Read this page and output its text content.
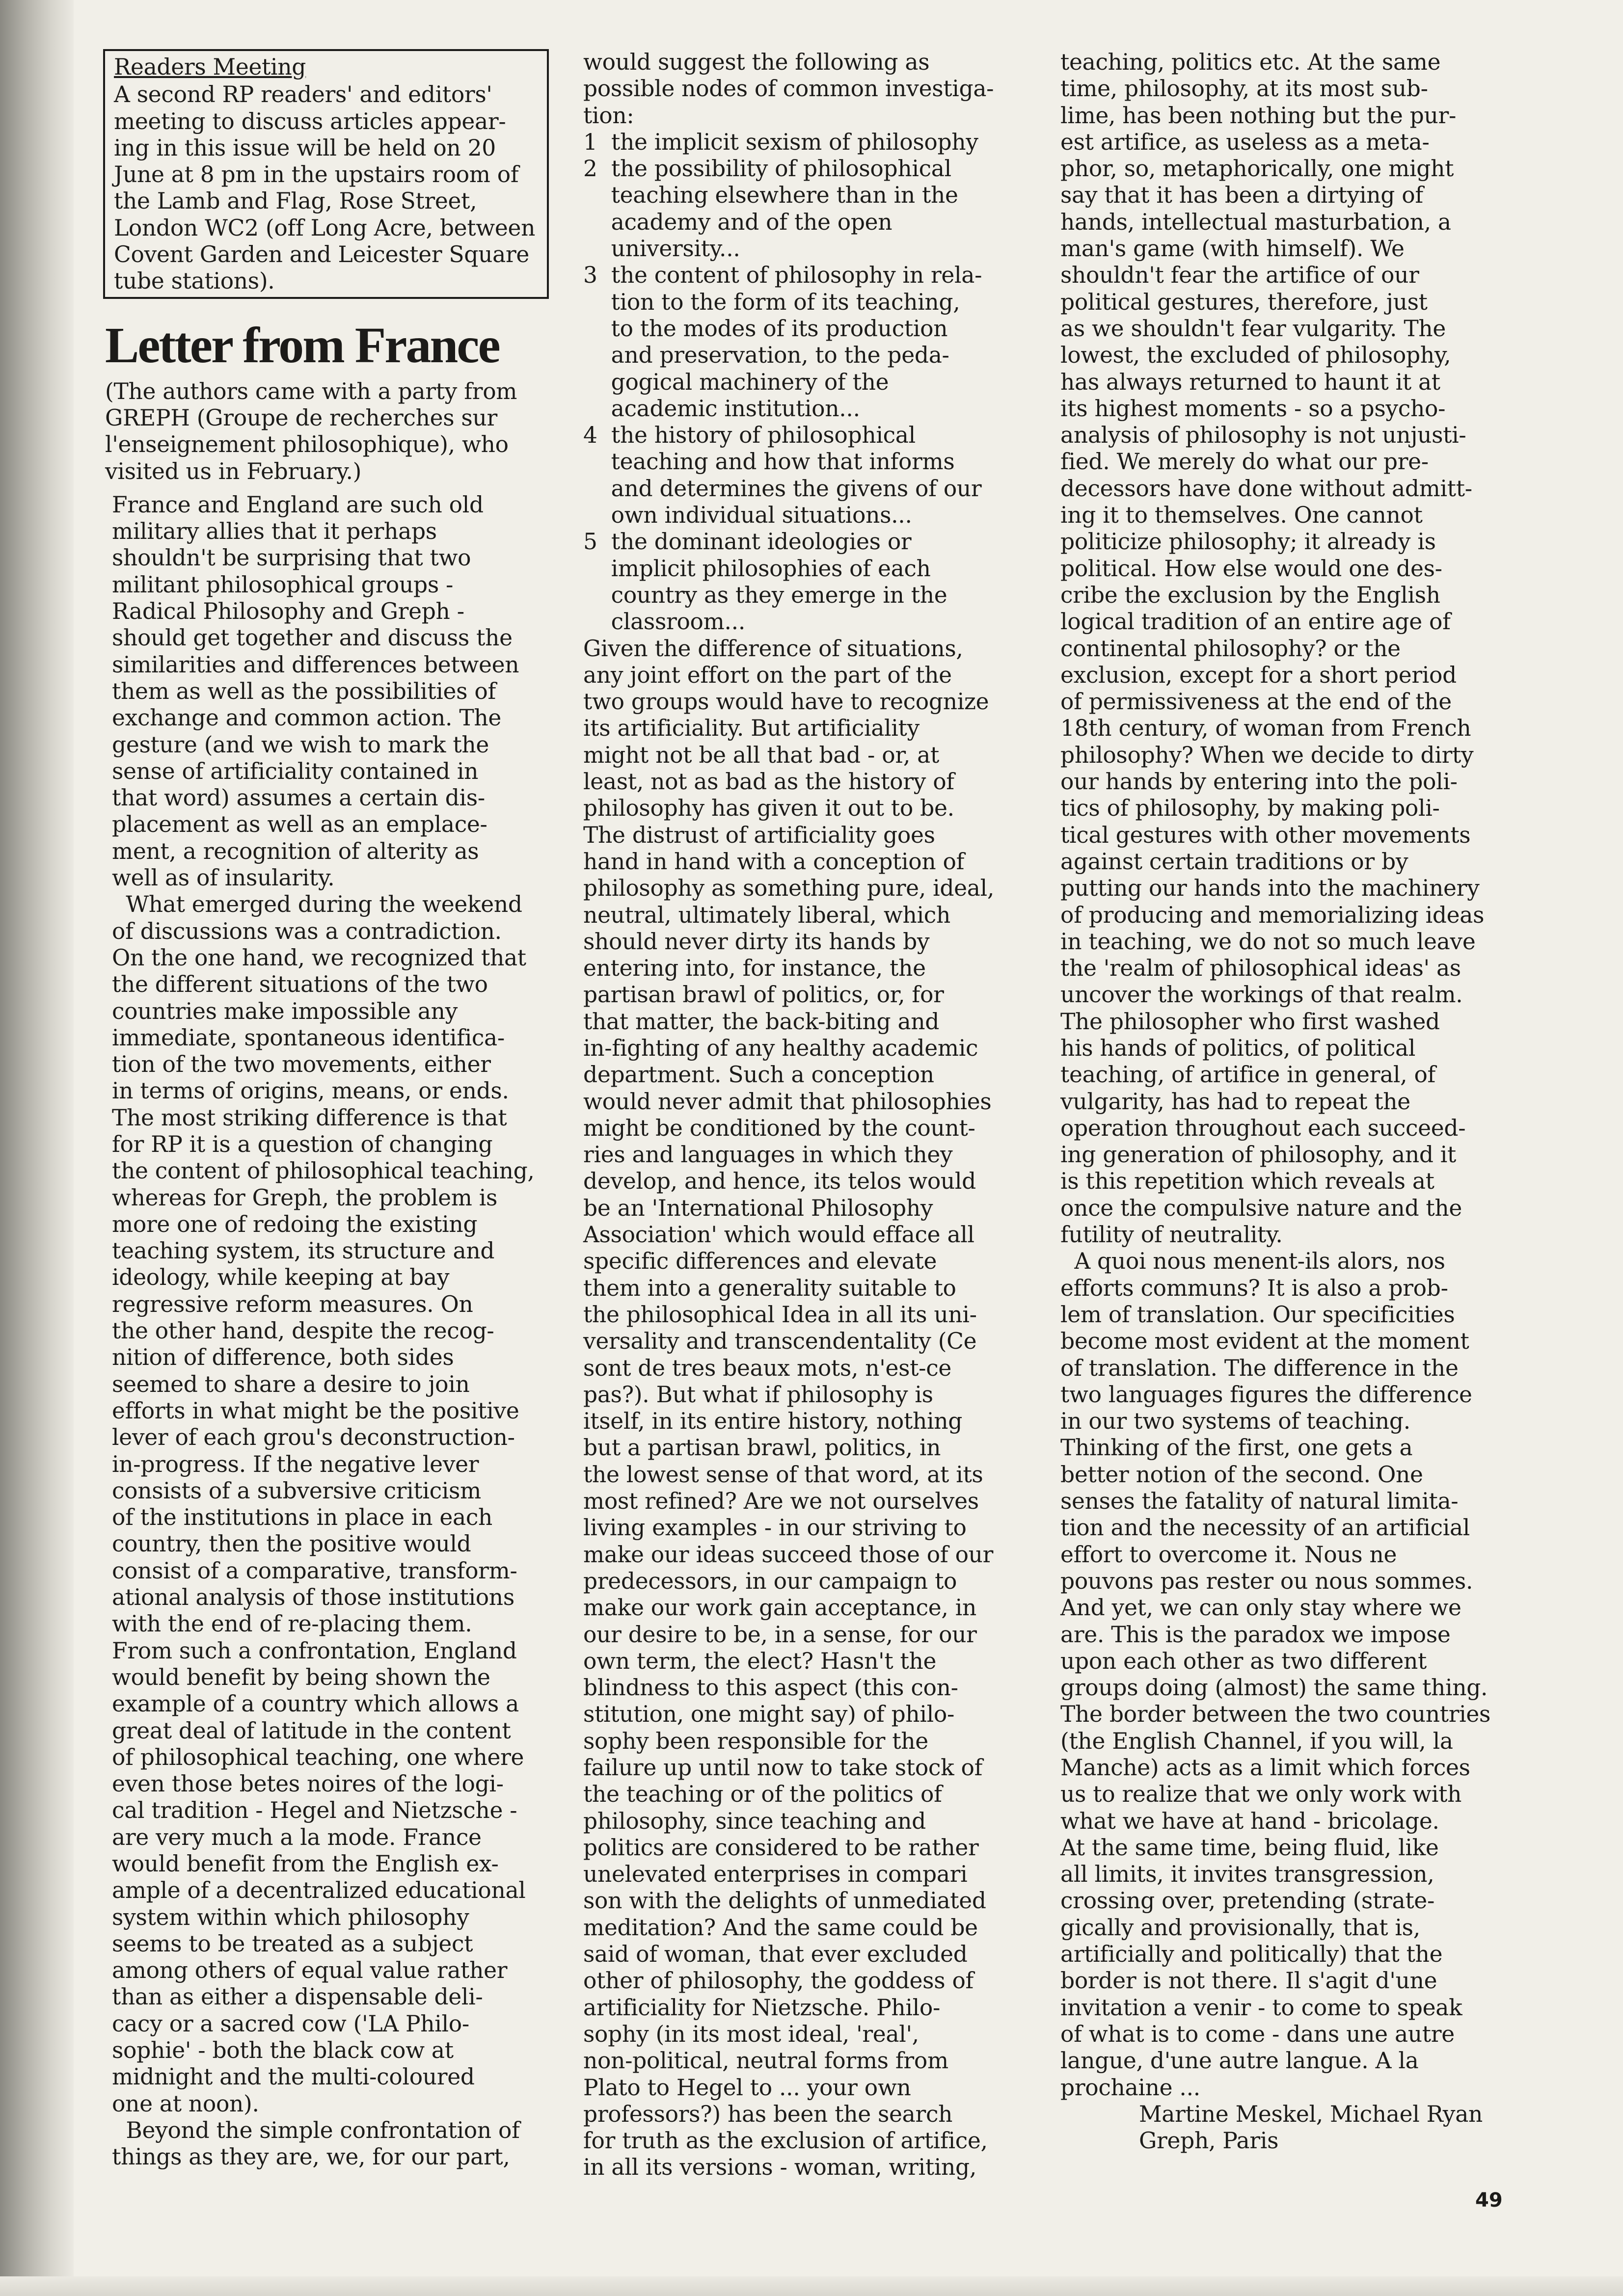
Readers Meeting

A second RP readers' and editors'

meeting to discuss articles appear-

ing in this issue will be held on 20

June at 8 pm in the upstairs room of

the Lamb and Flag, Rose Street,

London WC2 (off Long Acre, between

Covent Garden and Leicester Square

tube stations).

Letter from France

(The authors came with a party from

GREPH (Groupe de recherches sur

l'enseignement philosophique), who

visited us in February.)

France and England are such old

military allies that it perhaps

shouldn't be surprising that two

militant philosophical groups -

Radical Philosophy and Greph -

should get together and discuss the

similarities and differences between

them as well as the possibilities of

exchange and common action. The

gesture (and we wish to mark the

sense of artificiality contained in

that word) assumes a certain dis-

placement as well as an emplace-

ment, a recognition of alterity as

well as of insularity.

What emerged during the weekend

of discussions was a contradiction.

On the one hand, we recognized that

the different situations of the two

countries make impossible any

immediate, spontaneous identifica-

tion of the two movements, either

in terms of origins, means, or ends.

The most striking difference is that

for RP it is a question of changing

the content of philosophical teaching,

whereas for Greph, the problem is

more one of redoing the existing

teaching system, its structure and

ideology, while keeping at bay

regressive reform measures. On

the other hand, despite the recog-

nition of difference, both sides

seemed to share a desire to join

efforts in what might be the positive

lever of each grou's deconstruction-

in-progress. If the negative lever

consists of a subversive criticism

of the institutions in place in each

country, then the positive would

consist of a comparative, transform-

ational analysis of those institutions

with the end of re-placing them.

From such a confrontation, England

would benefit by being shown the

example of a country which allows a

great deal of latitude in the content

of philosophical teaching, one where

even those betes noires of the logi-

cal tradition - Hegel and Nietzsche -

are very much a la mode. France

would benefit from the English ex-

ample of a decentralized educational

system within which philosophy

seems to be treated as a subject

among others of equal value rather

than as either a dispensable deli-

cacy or a sacred cow ('LA Philo-

sophie' - both the black cow at

midnight and the multi-coloured

one at noon).

Beyond the simple confrontation of

things as they are, we, for our part,

would suggest the following as

possible nodes of common investiga-

tion:

1  the implicit sexism of philosophy

2  the possibility of philosophical

teaching elsewhere than in the

academy and of the open

university...

3  the content of philosophy in rela-

tion to the form of its teaching,

to the modes of its production

and preservation, to the peda-

gogical machinery of the

academic institution...

4  the history of philosophical

teaching and how that informs

and determines the givens of our

own individual situations...

5  the dominant ideologies or

implicit philosophies of each

country as they emerge in the

classroom...

Given the difference of situations,

any joint effort on the part of the

two groups would have to recognize

its artificiality. But artificiality

might not be all that bad - or, at

least, not as bad as the history of

philosophy has given it out to be.

The distrust of artificiality goes

hand in hand with a conception of

philosophy as something pure, ideal,

neutral, ultimately liberal, which

should never dirty its hands by

entering into, for instance, the

partisan brawl of politics, or, for

that matter, the back-biting and

in-fighting of any healthy academic

department. Such a conception

would never admit that philosophies

might be conditioned by the count-

ries and languages in which they

develop, and hence, its telos would

be an 'International Philosophy

Association' which would efface all

specific differences and elevate

them into a generality suitable to

the philosophical Idea in all its uni-

versality and transcendentality (Ce

sont de tres beaux mots, n'est-ce

pas?). But what if philosophy is

itself, in its entire history, nothing

but a partisan brawl, politics, in

the lowest sense of that word, at its

most refined? Are we not ourselves

living examples - in our striving to

make our ideas succeed those of our

predecessors, in our campaign to

make our work gain acceptance, in

our desire to be, in a sense, for our

own term, the elect? Hasn't the

blindness to this aspect (this con-

stitution, one might say) of philo-

sophy been responsible for the

failure up until now to take stock of

the teaching or of the politics of

philosophy, since teaching and

politics are considered to be rather

unelevated enterprises in compari

son with the delights of unmediated

meditation? And the same could be

said of woman, that ever excluded

other of philosophy, the goddess of

artificiality for Nietzsche. Philo-

sophy (in its most ideal, 'real',

non-political, neutral forms from

Plato to Hegel to ... your own

professors?) has been the search

for truth as the exclusion of artifice,

in all its versions - woman, writing,

teaching, politics etc. At the same

time, philosophy, at its most sub-

lime, has been nothing but the pur-

est artifice, as useless as a meta-

phor, so, metaphorically, one might

say that it has been a dirtying of

hands, intellectual masturbation, a

man's game (with himself). We

shouldn't fear the artifice of our

political gestures, therefore, just

as we shouldn't fear vulgarity. The

lowest, the excluded of philosophy,

has always returned to haunt it at

its highest moments - so a psycho-

analysis of philosophy is not unjusti-

fied. We merely do what our pre-

decessors have done without admitt-

ing it to themselves. One cannot

politicize philosophy; it already is

political. How else would one des-

cribe the exclusion by the English

logical tradition of an entire age of

continental philosophy? or the

exclusion, except for a short period

of permissiveness at the end of the

18th century, of woman from French

philosophy? When we decide to dirty

our hands by entering into the poli-

tics of philosophy, by making poli-

tical gestures with other movements

against certain traditions or by

putting our hands into the machinery

of producing and memorializing ideas

in teaching, we do not so much leave

the 'realm of philosophical ideas' as

uncover the workings of that realm.

The philosopher who first washed

his hands of politics, of political

teaching, of artifice in general, of

vulgarity, has had to repeat the

operation throughout each succeed-

ing generation of philosophy, and it

is this repetition which reveals at

once the compulsive nature and the

futility of neutrality.

A quoi nous menent-ils alors, nos

efforts communs? It is also a prob-

lem of translation. Our specificities

become most evident at the moment

of translation. The difference in the

two languages figures the difference

in our two systems of teaching.

Thinking of the first, one gets a

better notion of the second. One

senses the fatality of natural limita-

tion and the necessity of an artificial

effort to overcome it. Nous ne

pouvons pas rester ou nous sommes.

And yet, we can only stay where we

are. This is the paradox we impose

upon each other as two different

groups doing (almost) the same thing.

The border between the two countries

(the English Channel, if you will, la

Manche) acts as a limit which forces

us to realize that we only work with

what we have at hand - bricolage.

At the same time, being fluid, like

all limits, it invites transgression,

crossing over, pretending (strate-

gically and provisionally, that is,

artificially and politically) that the

border is not there. Il s'agit d'une

invitation a venir - to come to speak

of what is to come - dans une autre

langue, d'une autre langue. A la

prochaine ...

Martine Meskel, Michael Ryan

Greph, Paris

49
